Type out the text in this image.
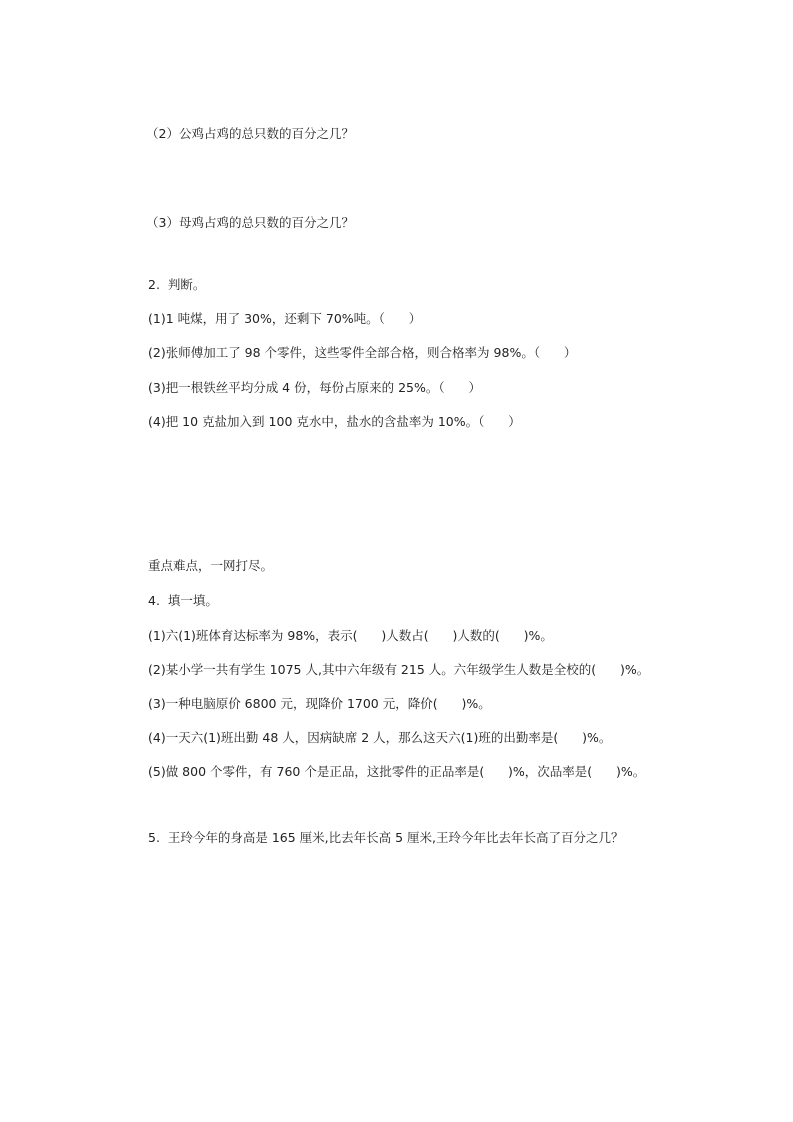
（2）公鸡占鸡的总只数的百分之几？
（3）母鸡占鸡的总只数的百分之几？
2.  判断。
(1)1 吨煤，用了 30%，还剩下 70%吨。（      ）
(2)张师傅加工了 98 个零件，这些零件全部合格，则合格率为 98%。（      ）
(3)把一根铁丝平均分成 4 份，每份占原来的 25%。（      ）
(4)把 10 克盐加入到 100 克水中，盐水的含盐率为 10%。（      ）
重点难点，一网打尽。
4.  填一填。
(1)六(1)班体育达标率为 98%，表示(      )人数占(      )人数的(      )%。
(2)某小学一共有学生 1075 人,其中六年级有 215 人。六年级学生人数是全校的(      )%。
(3)一种电脑原价 6800 元，现降价 1700 元，降价(      )%。
(4)一天六(1)班出勤 48 人，因病缺席 2 人，那么这天六(1)班的出勤率是(      )%。
(5)做 800 个零件，有 760 个是正品，这批零件的正品率是(      )%，次品率是(      )%。
5.  王玲今年的身高是 165 厘米,比去年长高 5 厘米,王玲今年比去年长高了百分之几？
